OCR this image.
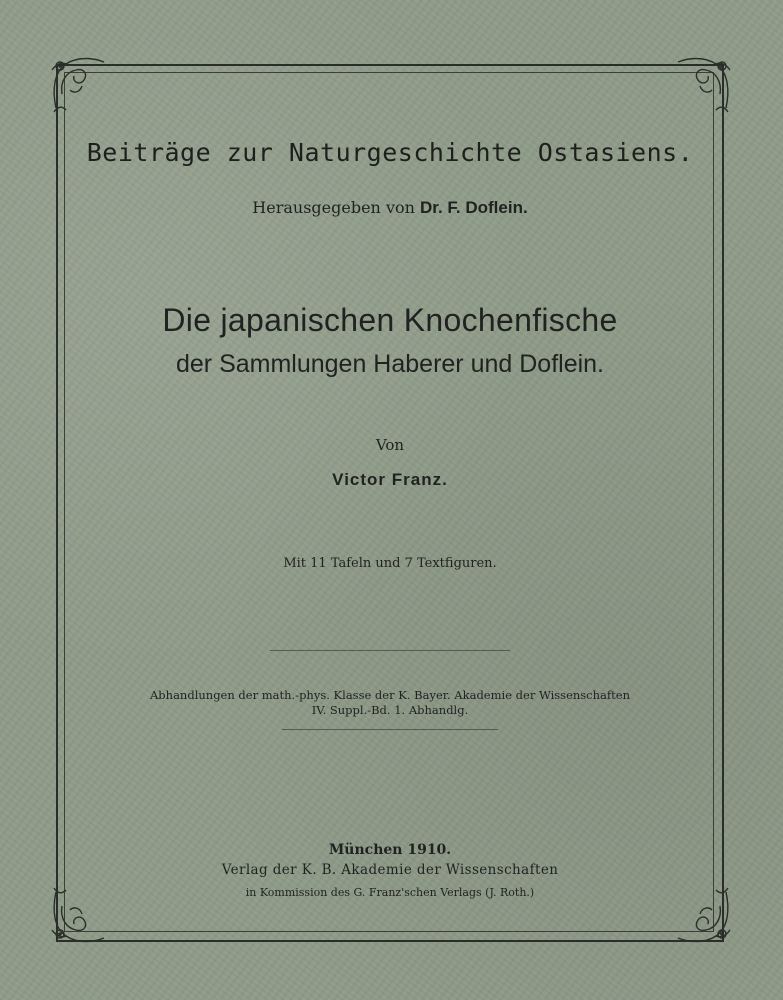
Beiträge zur Naturgeschichte Ostasiens.
Herausgegeben von Dr. F. Doflein.
Die japanischen Knochenfische
der Sammlungen Haberer und Doflein.
Von
Victor Franz.
Mit 11 Tafeln und 7 Textfiguren.
Abhandlungen der math.-phys. Klasse der K. Bayer. Akademie der Wissenschaften
IV. Suppl.-Bd. 1. Abhandlg.
München 1910.
Verlag der K. B. Akademie der Wissenschaften
in Kommission des G. Franz'schen Verlags (J. Roth.)
